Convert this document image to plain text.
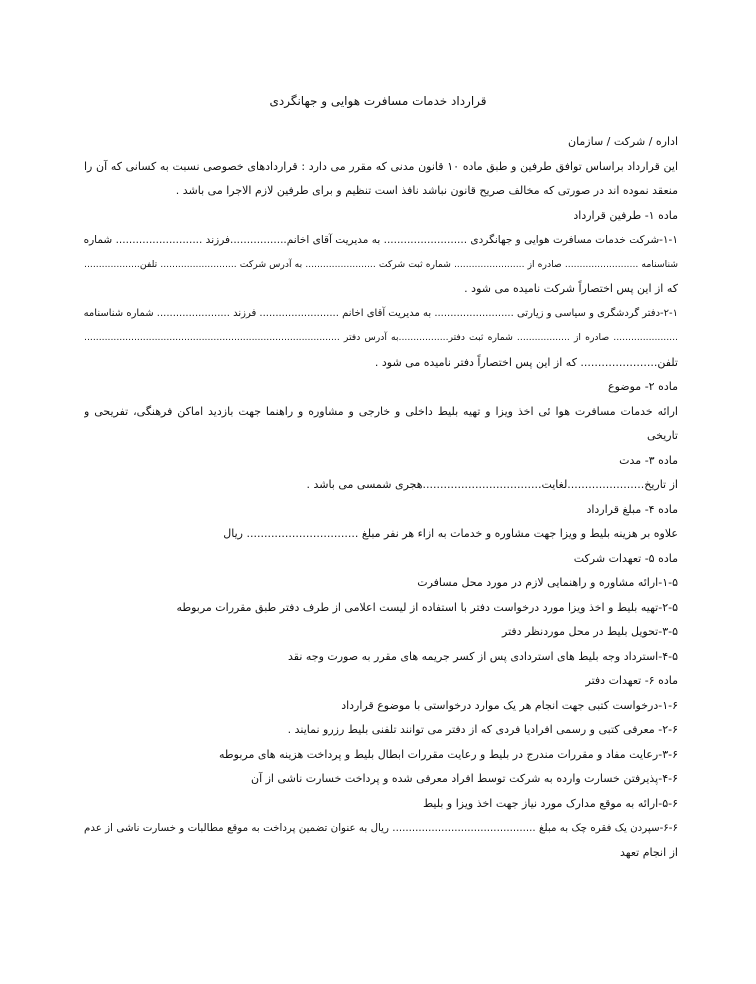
قرارداد خدمات مسافرت هوایی و جهانگردی
اداره / شرکت / سازمان
این قرارداد براساس توافق طرفین و طبق ماده ۱۰ قانون مدنی که مقرر می دارد : قراردادهای خصوصی نسبت به کسانی که آن را
منعقد نموده اند در صورتی که مخالف صریح قانون نباشد نافذ است تنظیم و برای طرفین لازم الاجرا می باشد .
ماده ۱- طرفین قرارداد
۱-۱-شرکت خدمات مسافرت هوایی و جهانگردی ......................... به مدیریت آقای اخانم.................فرزند .......................... شماره
شناسنامه ......................... صادره از ........................ شماره ثبت شرکت ........................ به آدرس شرکت .......................... تلفن...................
که از این پس اختصاراً شرکت نامیده می شود .
۲-۱-دفتر گردشگری و سیاسی و زیارتی ......................... به مدیریت آقای اخانم ......................... فرزند ....................... شماره شناسنامه
...................... صادره از .................. شماره ثبت دفتر.................به آدرس دفتر .......................................................................................
تلفن...................... که از این پس اختصاراً دفتر نامیده می شود .
ماده ۲- موضوع
ارائه خدمات مسافرت هوا ئی اخذ ویزا و تهیه بلیط داخلی و خارجی و مشاوره و راهنما جهت بازدید اماکن فرهنگی، تفریحی و
تاریخی
ماده ۳- مدت
از تاریخ......................لغایت..................................هجری شمسی می باشد .
ماده ۴- مبلغ قرارداد
علاوه بر هزینه بلیط و ویزا جهت مشاوره و خدمات به ازاء هر نفر مبلغ ................................ ریال
ماده ۵- تعهدات شرکت
۱-۵-ارائه مشاوره و راهنمایی لازم در مورد محل مسافرت
۲-۵-تهیه بلیط و اخذ ویزا مورد درخواست دفتر با استفاده از لیست اعلامی از طرف دفتر طبق مقررات مربوطه
۳-۵-تحویل بلیط در محل موردنظر دفتر
۴-۵-استرداد وجه بلیط های استردادی پس از کسر جریمه های مقرر به صورت وجه نقد
ماده ۶- تعهدات دفتر
۱-۶-درخواست کتبی جهت انجام هر یک موارد درخواستی با موضوع قرارداد
۲-۶- معرفی کتبی و رسمی افرادیا فردی که از دفتر می توانند تلفنی بلیط رزرو نمایند .
۳-۶-رعایت مفاد و مقررات مندرج در بلیط و رعایت مقررات ابطال بلیط و پرداخت هزینه های مربوطه
۴-۶-پذیرفتن خسارت وارده به شرکت توسط افراد معرفی شده و پرداخت خسارت ناشی از آن
۵-۶-ارائه به موقع مدارک مورد نیاز جهت اخذ ویزا و بلیط
۶-۶-سپردن یک فقره چک به مبلغ ............................................ ریال به عنوان تضمین پرداخت به موقع مطالبات و خسارت ناشی از عدم
از انجام تعهد
